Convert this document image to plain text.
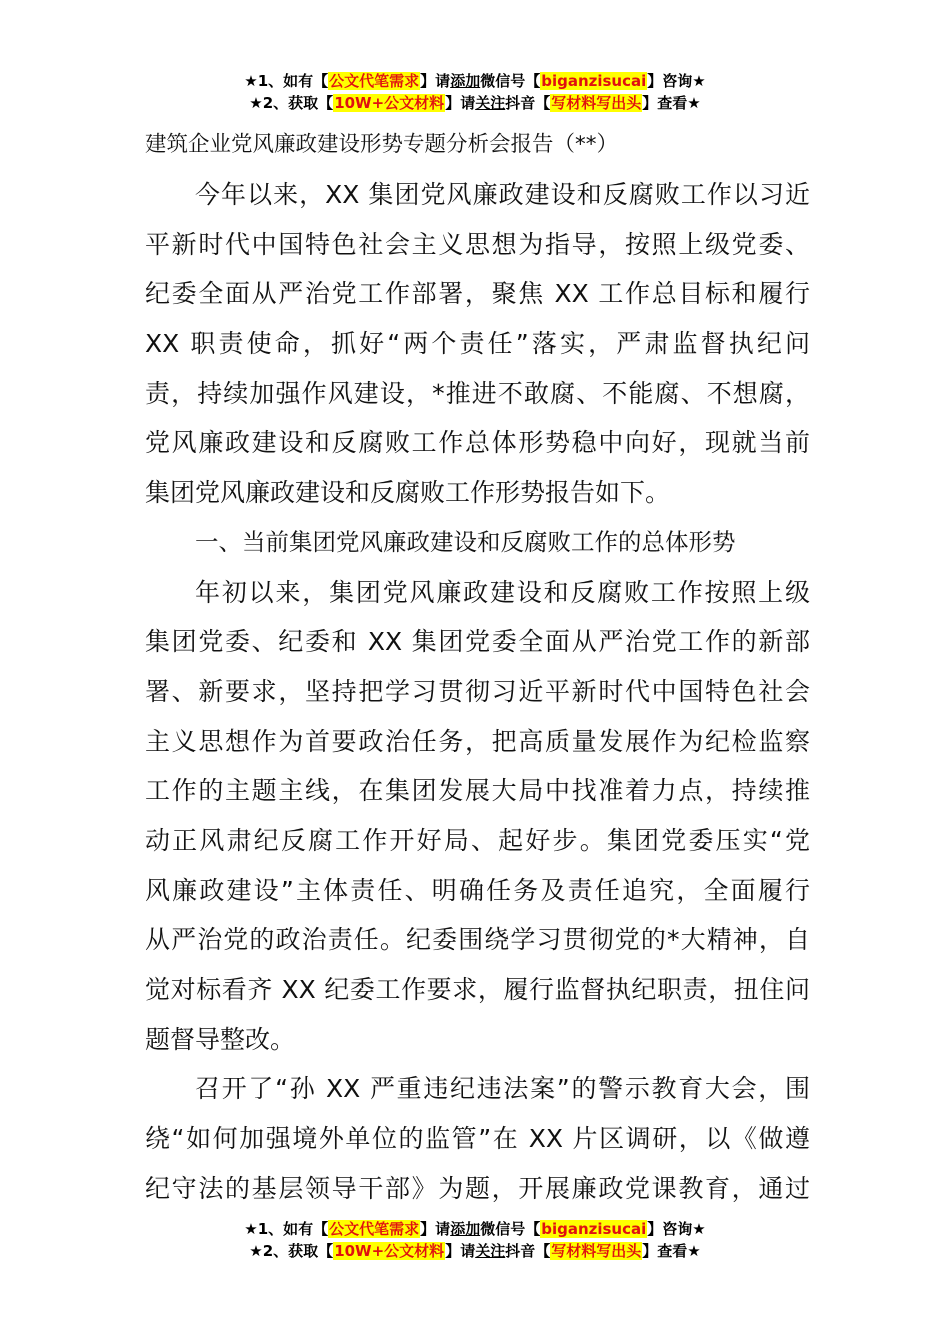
★1、如有【公文代笔需求】请添加微信号【biganzisucai】咨询★
★2、获取【10W+公文材料】请关注抖音【写材料写出头】查看★
建筑企业党风廉政建设形势专题分析会报告（**）
今年以来，XX 集团党风廉政建设和反腐败工作以习近
平新时代中国特色社会主义思想为指导，按照上级党委、
纪委全面从严治党工作部署，聚焦 XX 工作总目标和履行
XX 职责使命，抓好“两个责任”落实，严肃监督执纪问
责，持续加强作风建设，*推进不敢腐、不能腐、不想腐，
党风廉政建设和反腐败工作总体形势稳中向好，现就当前
集团党风廉政建设和反腐败工作形势报告如下。
一、当前集团党风廉政建设和反腐败工作的总体形势
年初以来，集团党风廉政建设和反腐败工作按照上级
集团党委、纪委和 XX 集团党委全面从严治党工作的新部
署、新要求，坚持把学习贯彻习近平新时代中国特色社会
主义思想作为首要政治任务，把高质量发展作为纪检监察
工作的主题主线，在集团发展大局中找准着力点，持续推
动正风肃纪反腐工作开好局、起好步。集团党委压实“党
风廉政建设”主体责任、明确任务及责任追究，全面履行
从严治党的政治责任。纪委围绕学习贯彻党的*大精神，自
觉对标看齐 XX 纪委工作要求，履行监督执纪职责，扭住问
题督导整改。
召开了“孙 XX 严重违纪违法案”的警示教育大会，围
绕“如何加强境外单位的监管”在 XX 片区调研，以《做遵
纪守法的基层领导干部》为题，开展廉政党课教育，通过
★1、如有【公文代笔需求】请添加微信号【biganzisucai】咨询★
★2、获取【10W+公文材料】请关注抖音【写材料写出头】查看★
